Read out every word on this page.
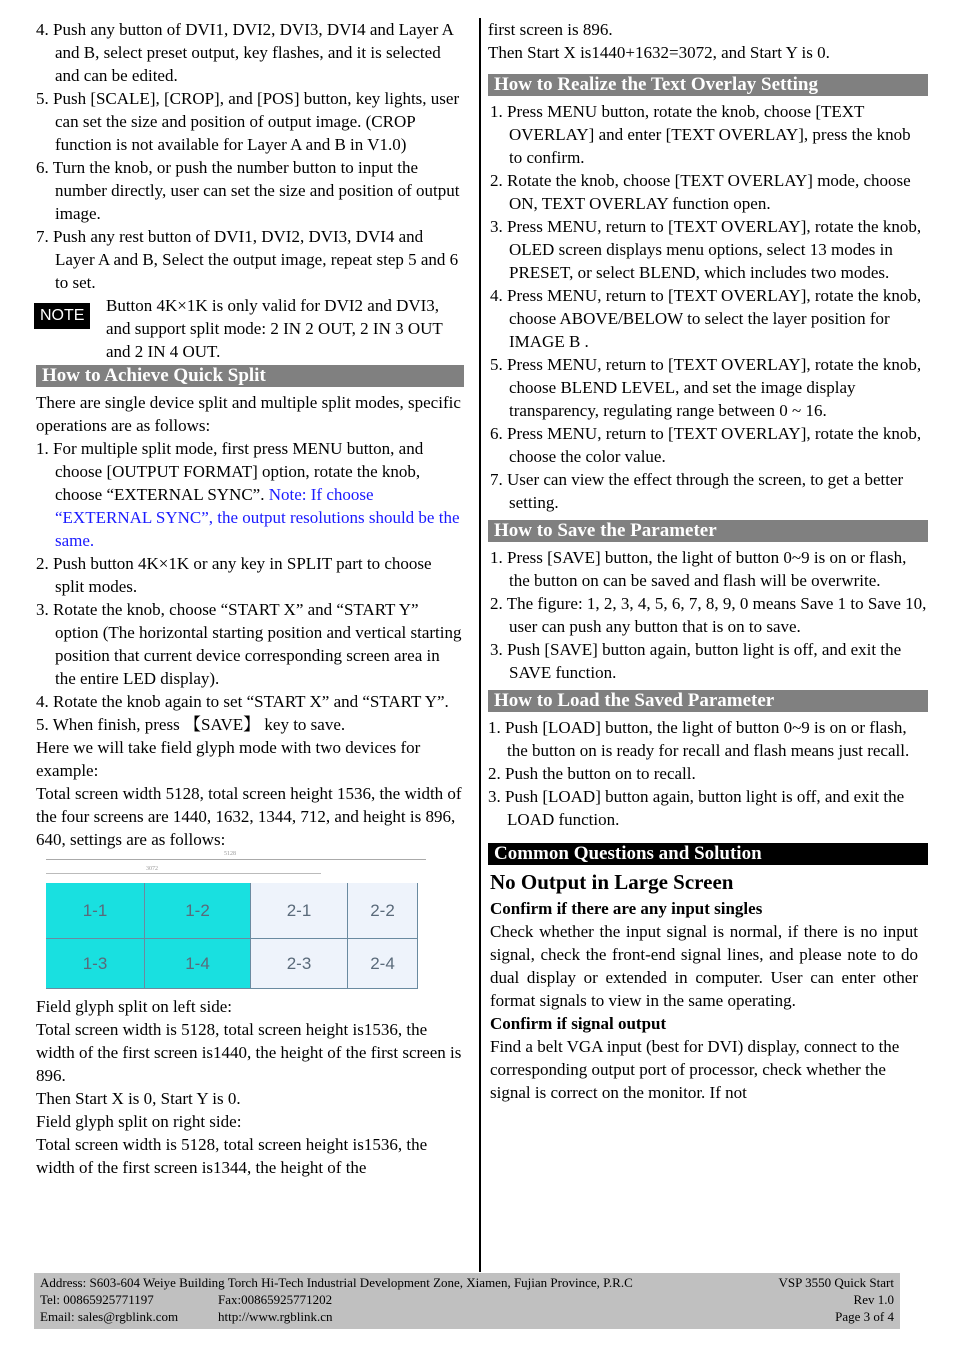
4. Push any button of DVI1, DVI2, DVI3, DVI4 and Layer A and B, select preset output, key flashes, and it is selected and can be edited.

5. Push [SCALE], [CROP], and [POS] button, key lights, user can set the size and position of output image. (CROP function is not available for Layer A and B in V1.0)

6. Turn the knob, or push the number button to input the number directly, user can set the size and position of output image.

7. Push any rest button of DVI1, DVI2, DVI3, DVI4 and Layer A and B, Select the output image, repeat step 5 and 6 to set.

NOTE

Button 4K×1K is only valid for DVI2 and DVI3, and support split mode: 2 IN 2 OUT, 2 IN 3 OUT and 2 IN 4 OUT.

How to Achieve Quick Split

There are single device split and multiple split modes, specific operations are as follows:

1. For multiple split mode, first press MENU button, and choose [OUTPUT FORMAT] option, rotate the knob, choose “EXTERNAL SYNC”. Note: If choose “EXTERNAL SYNC”, the output resolutions should be the same.

2. Push button 4K×1K or any key in SPLIT part to choose split modes.

3. Rotate the knob, choose “START X” and “START Y” option (The horizontal starting position and vertical starting position that current device corresponding screen area in the entire LED display).

4. Rotate the knob again to set “START X” and “START Y”.

5. When finish, press 【SAVE】 key to save.

Here we will take field glyph mode with two devices for example:

Total screen width 5128, total screen height 1536, the width of the four screens are 1440, 1632, 1344, 712, and height is 896, 640, settings are as follows:

5128
3072
1-1	1-2	2-1	2-2
1-3	1-4	2-3	2-4

Field glyph split on left side:

Total screen width is 5128, total screen height is1536, the width of the first screen is1440, the height of the first screen is 896.

Then Start X is 0, Start Y is 0.

Field glyph split on right side:

Total screen width is 5128, total screen height is1536, the width of the first screen is1344, the height of the

first screen is 896.

Then Start X is1440+1632=3072, and Start Y is 0.

How to Realize the Text Overlay Setting

1. Press MENU button, rotate the knob, choose [TEXT OVERLAY] and enter [TEXT OVERLAY], press the knob to confirm.

2. Rotate the knob, choose [TEXT OVERLAY] mode, choose ON, TEXT OVERLAY function open.

3. Press MENU, return to [TEXT OVERLAY], rotate the knob, OLED screen displays menu options, select 13 modes in PRESET, or select BLEND, which includes two modes.

4. Press MENU, return to [TEXT OVERLAY], rotate the knob, choose ABOVE/BELOW to select the layer position for IMAGE B .

5. Press MENU, return to [TEXT OVERLAY], rotate the knob, choose BLEND LEVEL, and set the image display transparency, regulating range between 0 ~ 16.

6. Press MENU, return to [TEXT OVERLAY], rotate the knob, choose the color value.

7. User can view the effect through the screen, to get a better setting.

How to Save the Parameter

1. Press [SAVE] button, the light of button 0~9 is on or flash, the button on can be saved and flash will be overwrite.

2. The figure: 1, 2, 3, 4, 5, 6, 7, 8, 9, 0 means Save 1 to Save 10, user can push any button that is on to save.

3. Push [SAVE] button again, button light is off, and exit the SAVE function.

How to Load the Saved Parameter

1. Push [LOAD] button, the light of button 0~9 is on or flash, the button on is ready for recall and flash means just recall.

2. Push the button on to recall.

3. Push [LOAD] button again, button light is off, and exit the LOAD function.

Common Questions and Solution

No Output in Large Screen

Confirm if there are any input singles

Check whether the input signal is normal, if there is no input signal, check the front-end signal lines, and please note to do dual display or extended in computer. User can enter other format signals to view in the same operating.

Confirm if signal output

Find a belt VGA input (best for DVI) display, connect to the corresponding output port of processor, check whether the signal is correct on the monitor. If not

Address: S603-604 Weiye Building Torch Hi-Tech Industrial Development Zone, Xiamen, Fujian Province, P.R.C
Tel: 00865925771197	Fax:00865925771202
Email: sales@rgblink.com	http://www.rgblink.cn
VSP 3550 Quick Start
Rev 1.0
Page 3 of 4
